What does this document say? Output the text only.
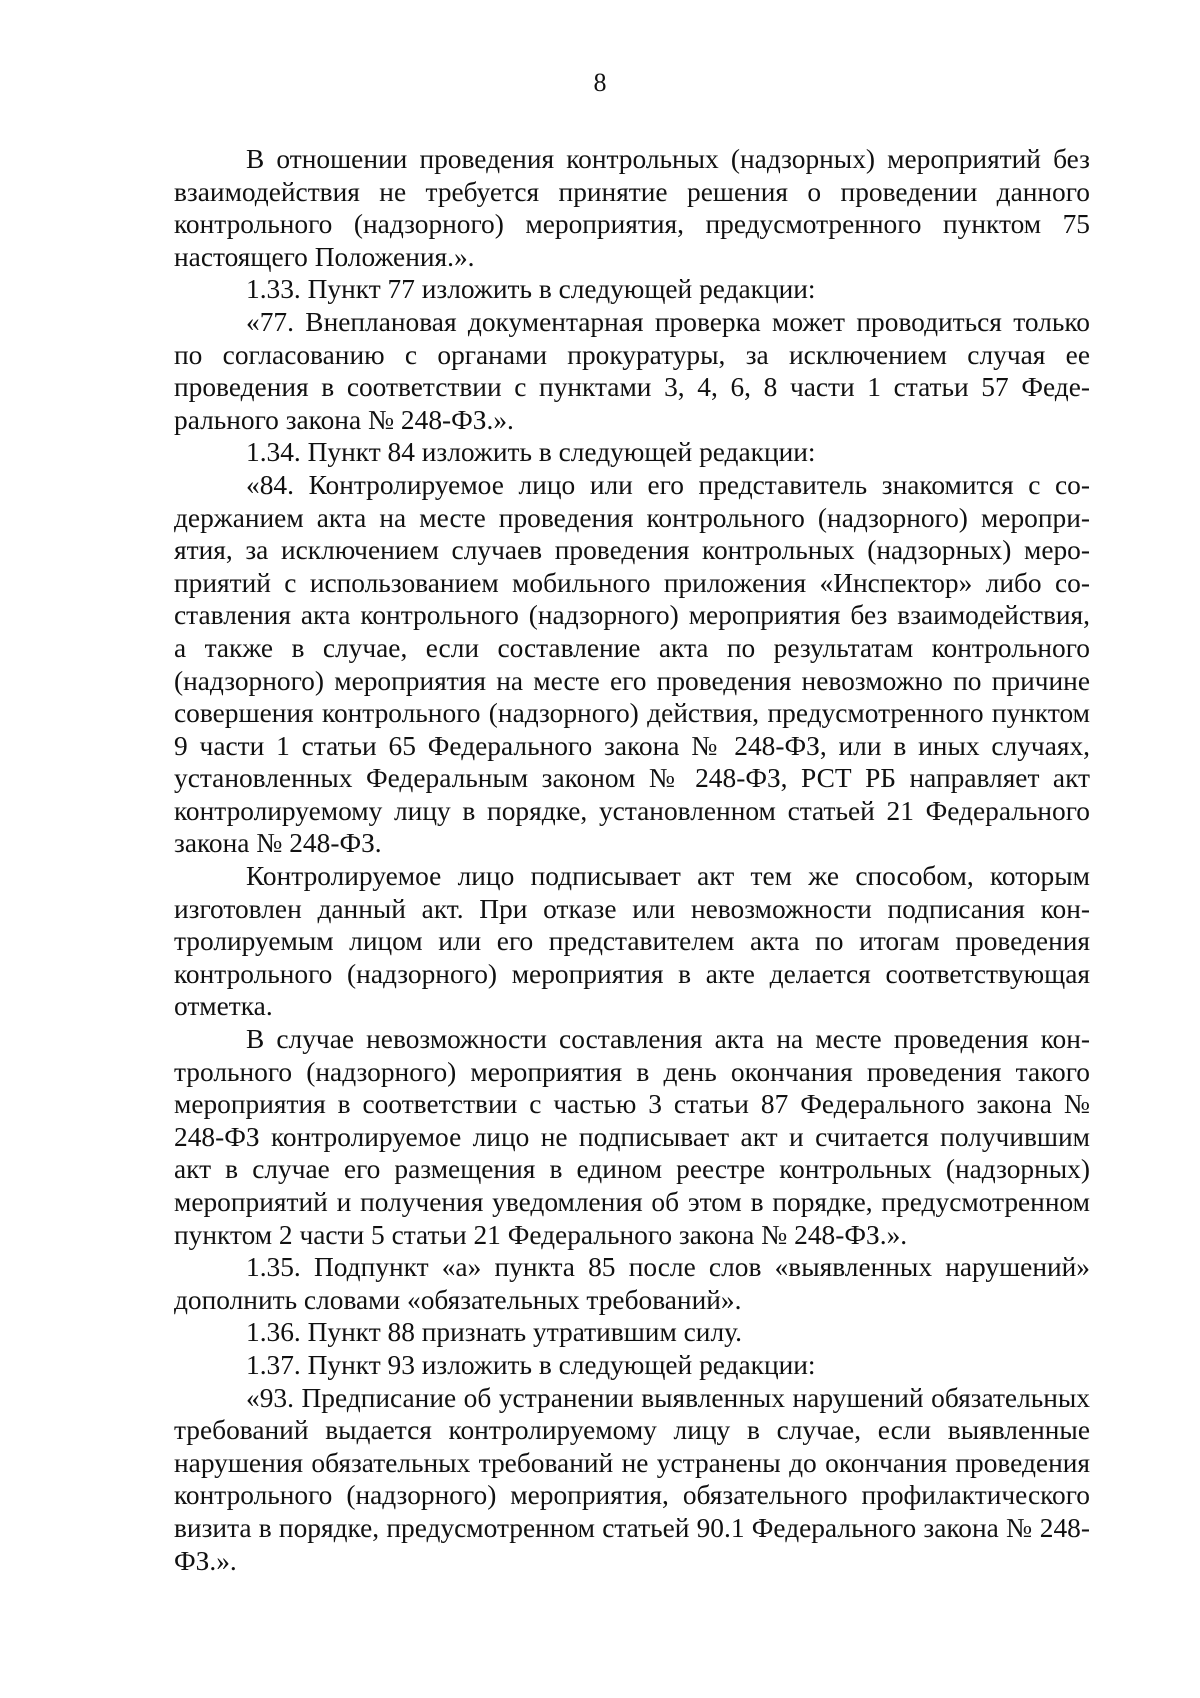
8

В отношении проведения контрольных (надзорных) мероприятий без взаимодействия не требуется принятие решения о проведении данного контрольного (надзорного) мероприятия, предусмотренного пунктом 75 настоящего Положения.».

1.33. Пункт 77 изложить в следующей редакции:

«77. Внеплановая документарная проверка может проводиться только по согласованию с органами прокуратуры, за исключением случая ее проведения в соответствии с пунктами 3, 4, 6, 8 части 1 статьи 57 Федерального закона № 248-ФЗ.».

1.34. Пункт 84 изложить в следующей редакции:

«84. Контролируемое лицо или его представитель знакомится с содержанием акта на месте проведения контрольного (надзорного) мероприятия, за исключением случаев проведения контрольных (надзорных) мероприятий с использованием мобильного приложения «Инспектор» либо составления акта контрольного (надзорного) мероприятия без взаимодействия, а также в случае, если составление акта по результатам контрольного (надзорного) мероприятия на месте его проведения невозможно по причине совершения контрольного (надзорного) действия, предусмотренного пунктом 9 части 1 статьи 65 Федерального закона № 248-ФЗ, или в иных случаях, установленных Федеральным законом № 248-ФЗ, РСТ РБ направляет акт контролируемому лицу в порядке, установленном статьей 21 Федерального закона № 248-ФЗ.

Контролируемое лицо подписывает акт тем же способом, которым изготовлен данный акт. При отказе или невозможности подписания контролируемым лицом или его представителем акта по итогам проведения контрольного (надзорного) мероприятия в акте делается соответствующая отметка.

В случае невозможности составления акта на месте проведения контрольного (надзорного) мероприятия в день окончания проведения такого мероприятия в соответствии с частью 3 статьи 87 Федерального закона № 248-ФЗ контролируемое лицо не подписывает акт и считается получившим акт в случае его размещения в едином реестре контрольных (надзорных) мероприятий и получения уведомления об этом в порядке, предусмотренном пунктом 2 части 5 статьи 21 Федерального закона № 248-ФЗ.».

1.35. Подпункт «а» пункта 85 после слов «выявленных нарушений» дополнить словами «обязательных требований».

1.36. Пункт 88 признать утратившим силу.

1.37. Пункт 93 изложить в следующей редакции:

«93. Предписание об устранении выявленных нарушений обязательных требований выдается контролируемому лицу в случае, если выявленные нарушения обязательных требований не устранены до окончания проведения контрольного (надзорного) мероприятия, обязательного профилактического визита в порядке, предусмотренном статьей 90.1 Федерального закона № 248-ФЗ.».
